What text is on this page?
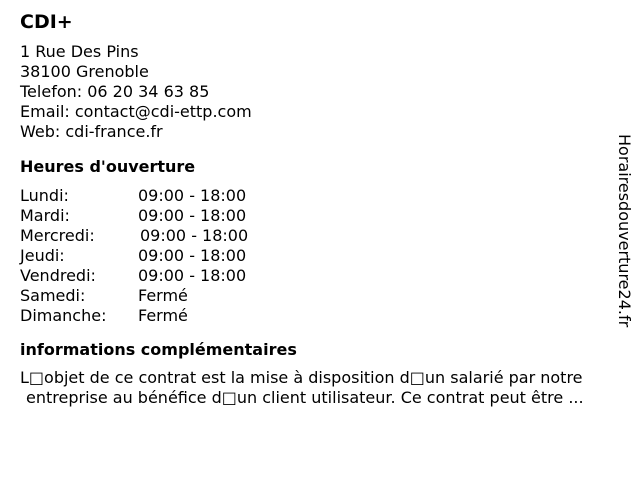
CDI+
1 Rue Des Pins
38100 Grenoble
Telefon: 06 20 34 63 85
Email: contact@cdi-ettp.com
Web: cdi-france.fr
Heures d'ouverture
Lundi:	09:00 - 18:00
Mardi:	09:00 - 18:00
Mercredi:	09:00 - 18:00
Jeudi:	09:00 - 18:00
Vendredi:	09:00 - 18:00
Samedi:	Fermé
Dimanche: Fermé
informations complémentaires
L□objet de ce contrat est la mise à disposition d□un salarié par notre
entreprise au bénéfice d□un client utilisateur. Ce contrat peut être ...
Horairesdouverture24.fr
